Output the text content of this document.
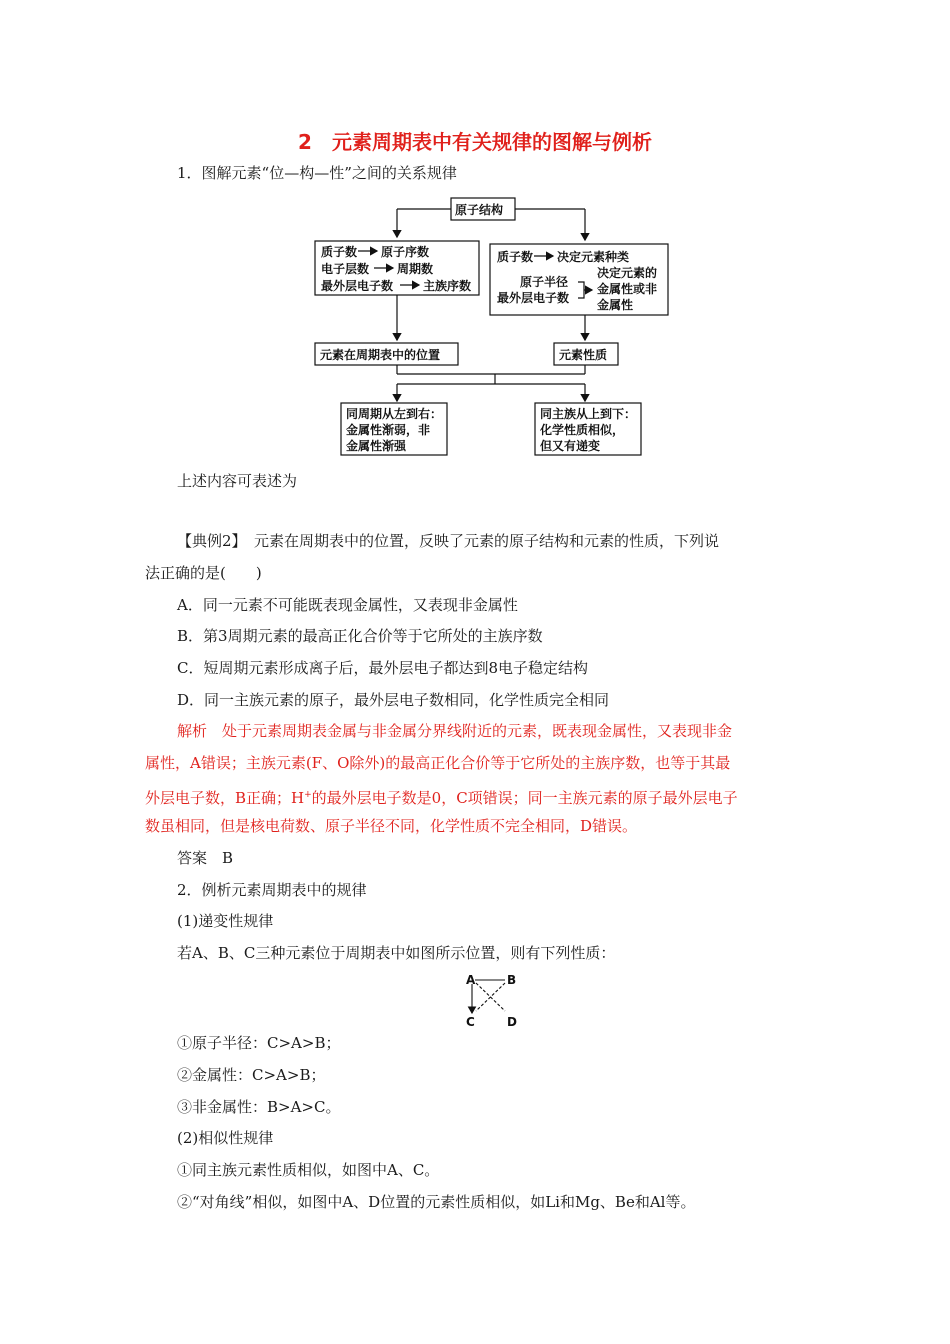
2　元素周期表中有关规律的图解与例析
1．图解元素“位—构—性”之间的关系规律
原子结构
质子数 原子序数
电子层数 周期数
最外层电子数 主族序数
质子数 决定元素种类
原子半径
最外层电子数
决定元素的
金属性或非
金属性
元素在周期表中的位置	元素性质
同周期从左到右：
金属性渐弱，非
金属性渐强
同主族从上到下：
化学性质相似，
但又有递变
上述内容可表述为
【典例2】　元素在周期表中的位置，反映了元素的原子结构和元素的性质，下列说
法正确的是(　　)
A．同一元素不可能既表现金属性，又表现非金属性
B．第3周期元素的最高正化合价等于它所处的主族序数
C．短周期元素形成离子后，最外层电子都达到8电子稳定结构
D．同一主族元素的原子，最外层电子数相同，化学性质完全相同
解析　处于元素周期表金属与非金属分界线附近的元素，既表现金属性，又表现非金
属性，A错误；主族元素(F、O除外)的最高正化合价等于它所处的主族序数，也等于其最
外层电子数，B正确；H+的最外层电子数是0，C项错误；同一主族元素的原子最外层电子
数虽相同，但是核电荷数、原子半径不同，化学性质不完全相同，D错误。
答案　B
2．例析元素周期表中的规律
(1)递变性规律
若A、B、C三种元素位于周期表中如图所示位置，则有下列性质：
A	B
C	D
①原子半径：C>A>B；
②金属性：C>A>B；
③非金属性：B>A>C。
(2)相似性规律
①同主族元素性质相似，如图中A、C。
②“对角线”相似，如图中A、D位置的元素性质相似，如Li和Mg、Be和Al等。
